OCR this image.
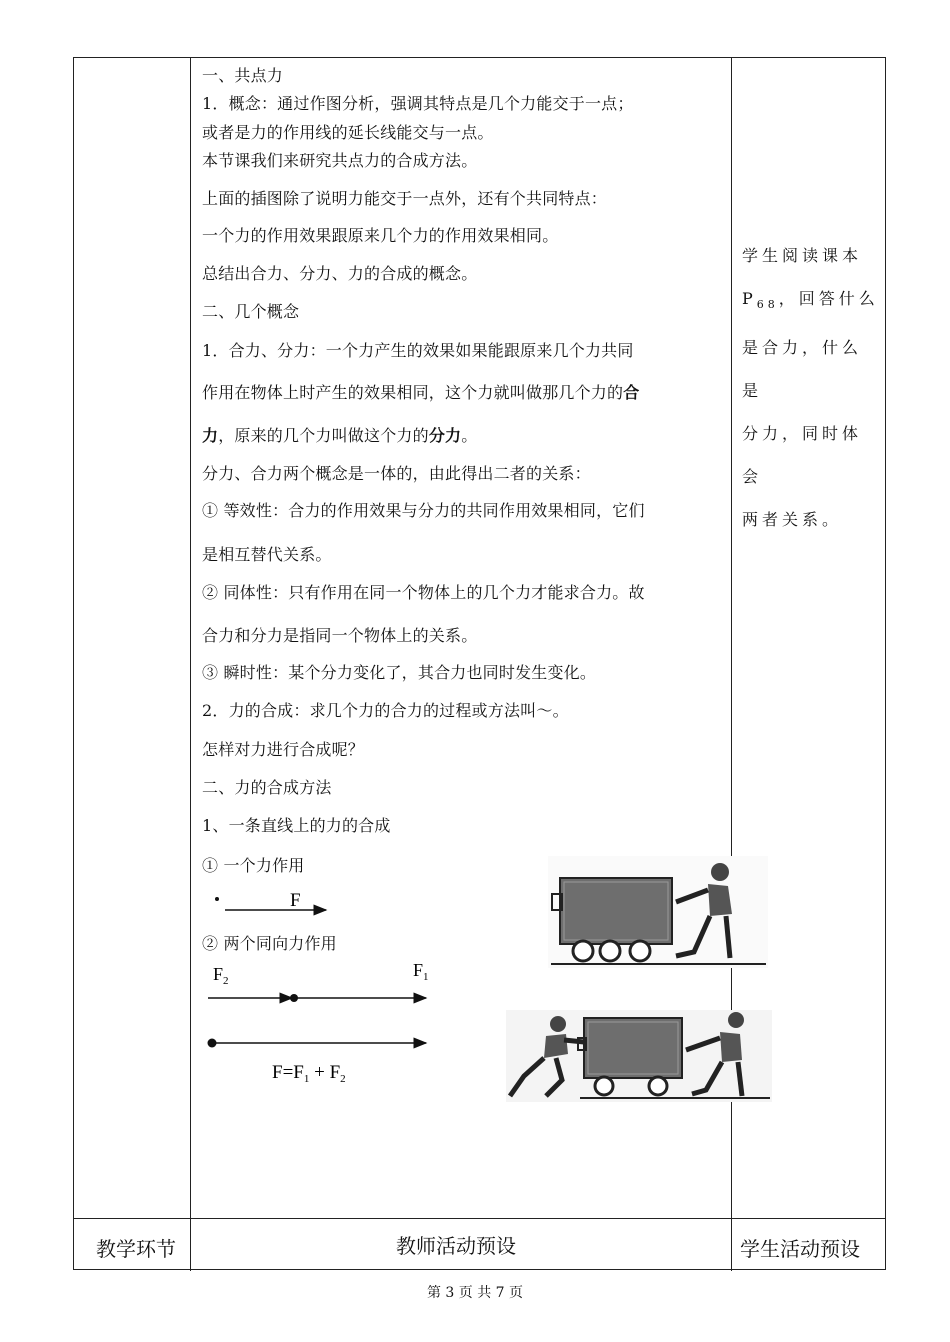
一、共点力
1．概念：通过作图分析，强调其特点是几个力能交于一点；
或者是力的作用线的延长线能交与一点。
本节课我们来研究共点力的合成方法。
上面的插图除了说明力能交于一点外，还有个共同特点：
一个力的作用效果跟原来几个力的作用效果相同。
总结出合力、分力、力的合成的概念。
二、几个概念
1．合力、分力：一个力产生的效果如果能跟原来几个力共同
作用在物体上时产生的效果相同，这个力就叫做那几个力的合
力，原来的几个力叫做这个力的分力。
分力、合力两个概念是一体的，由此得出二者的关系：
① 等效性：合力的作用效果与分力的共同作用效果相同，它们
是相互替代关系。
② 同体性：只有作用在同一个物体上的几个力才能求合力。故
合力和分力是指同一个物体上的关系。
③ 瞬时性：某个分力变化了，其合力也同时发生变化。
2．力的合成：求几个力的合力的过程或方法叫～。
怎样对力进行合成呢？
二、力的合成方法
1、一条直线上的力的合成
① 一个力作用
② 两个同向力作用
学生阅读课本
$P_{68}$，回答什么
是合力，什么是
分力，同时体会
两者关系。
教学环节	教师活动预设	学生活动预设
F
$F_2$
$F_1$
$F=F_1 + F_2$
第 3 页 共 7 页
